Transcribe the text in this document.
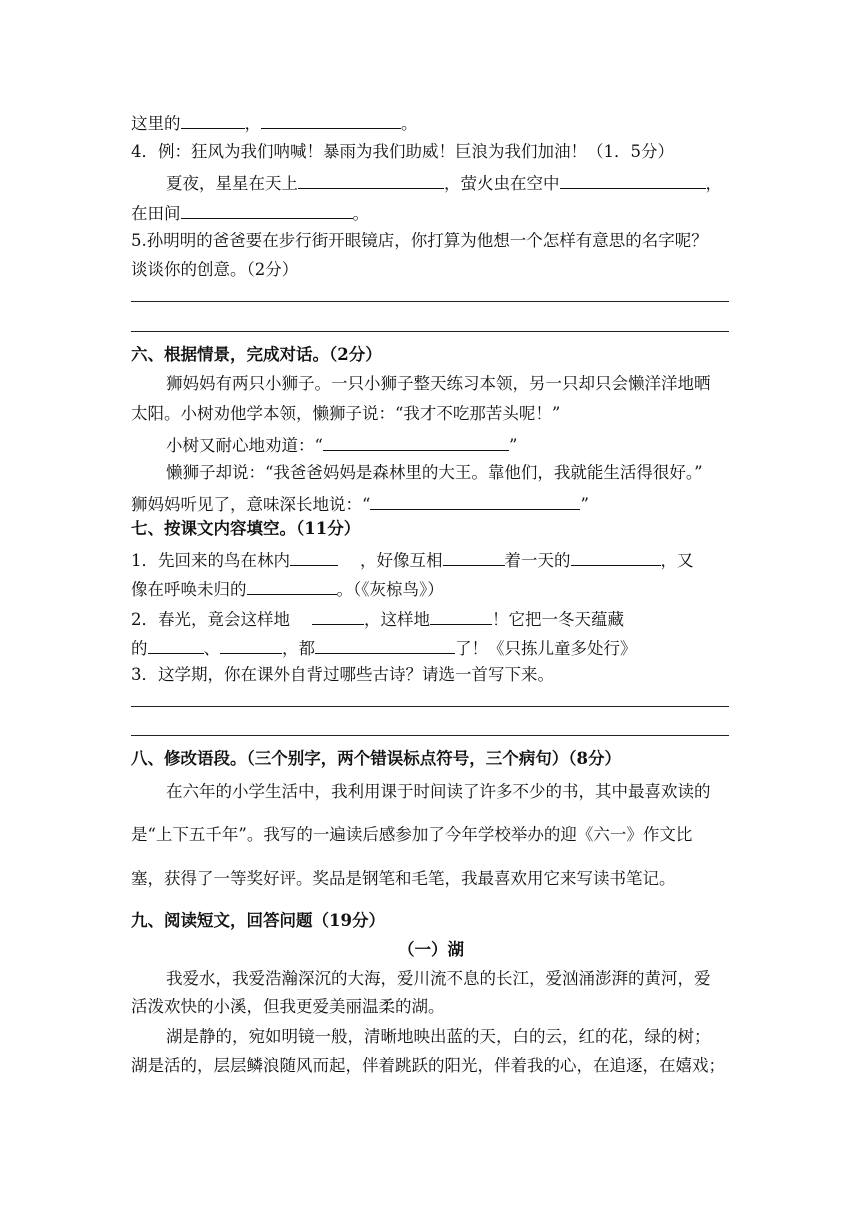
这里的	，	。
4．例：狂风为我们呐喊！暴雨为我们助威！巨浪为我们加油！（1．5分）
夏夜，星星在天上	，萤火虫在空中	，
在田间	。
5.孙明明的爸爸要在步行街开眼镜店，你打算为他想一个怎样有意思的名字呢？
谈谈你的创意。（2分）
六、根据情景，完成对话。（2分）
狮妈妈有两只小狮子。一只小狮子整天练习本领，另一只却只会懒洋洋地晒
太阳。小树劝他学本领，懒狮子说：“我才不吃那苦头呢！”
小树又耐心地劝道：“	”
懒狮子却说：“我爸爸妈妈是森林里的大王。靠他们，我就能生活得很好。”
狮妈妈听见了，意味深长地说：“	”
七、按课文内容填空。（11分）
1．先回来的鸟在林内	，好像互相	着一天的	，又
像在呼唤未归的	。（《灰椋鸟》）
2．春光，竟会这样地	，这样地	！它把一冬天蕴藏
的	、	，都	了！《只拣儿童多处行》
3．这学期，你在课外自背过哪些古诗？请选一首写下来。
八、修改语段。（三个别字，两个错误标点符号，三个病句）（8分）
在六年的小学生活中，我利用课于时间读了许多不少的书，其中最喜欢读的
是“上下五千年”。我写的一遍读后感参加了今年学校举办的迎《六一》作文比
塞，获得了一等奖好评。奖品是钢笔和毛笔，我最喜欢用它来写读书笔记。
九、阅读短文，回答问题（19分）
（一）湖
我爱水，我爱浩瀚深沉的大海，爱川流不息的长江，爱汹涌澎湃的黄河，爱
活泼欢快的小溪，但我更爱美丽温柔的湖。
湖是静的，宛如明镜一般，清晰地映出蓝的天，白的云，红的花，绿的树；
湖是活的，层层鳞浪随风而起，伴着跳跃的阳光，伴着我的心，在追逐，在嬉戏；
